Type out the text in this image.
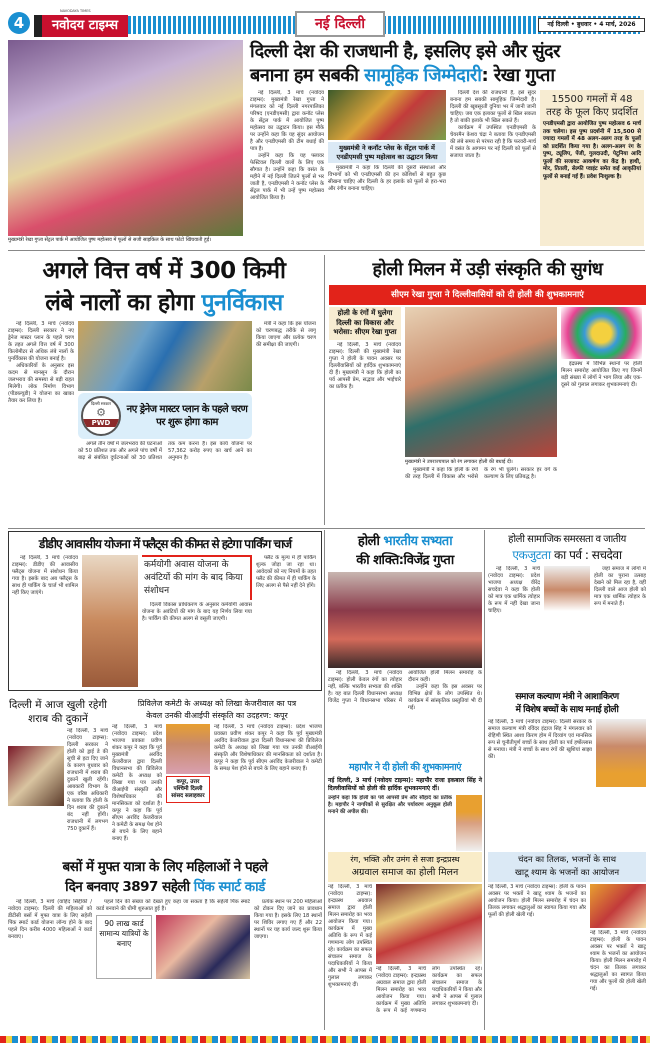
4
NAVODAYA TIMES
नवोदय टाइम्स	नई दिल्ली	नई दिल्ली • बुधवार • 4 मार्च, 2026
मुख्यमंत्री रेखा गुप्ता सेंट्रल पार्क में आयोजित पुष्प महोत्सव में फूलों से सजी साइकिल के साथ फोटो खिंचवाती हुईं।
दिल्ली देश की राजधानी है, इसलिए इसे और सुंदर
बनाना हम सबकी सामूहिक जिम्मेदारी: रेखा गुप्ता

नई दिल्ली, 3 मार्च (नवोदय टाइम्स): मुख्यमंत्री रेखा गुप्ता ने मंगलवार को नई दिल्ली नगरपालिका परिषद (एनडीएमसी) द्वारा कनॉट प्लेस के सेंट्रल पार्क में आयोजित पुष्प महोत्सव का उद्घाटन किया। इस मौके पर उन्होंने कहा कि यह सुंदर आयोजन है और एनडीएमसी की टीम बधाई की पात्र है।

उन्होंने कहा कि यह फ्लावर फेस्टिवल दिल्ली वालों के लिए एक सौगात है। उन्होंने कहा कि वसंत के महीने में नई दिल्ली जितने फूलों से भर जाती है, एनडीएमसी ने कनॉट प्लेस के सेंट्रल पार्क में भी उन्हें पुष्प महोत्सव आयोजित किया है।

मुख्यमंत्री ने कनॉट प्लेस के सेंट्रल पार्क में एनडीएमसी पुष्प महोत्सव का उद्घाटन किया

मुख्यमंत्री ने कहा कि दिल्ली की दूसरी संस्थाओं और विभागों को भी एनडीएमसी की इन कोशिशों से बहुत कुछ सीखना चाहिए और दिल्ली के हर इलाके को फूलों से हरा-भरा और रंगीन बनाना चाहिए।

दिल्ली देश की राजधानी है, इसे सुंदर बनाना हम सबकी सामूहिक जिम्मेदारी है। दिल्ली की खूबसूरती दुनिया भर में जानी जानी चाहिए। जब एक इलाका फूलों से खिल सकता है तो बाकी इलाके भी खिल सकते हैं।

कार्यक्रम में उपस्थित एनडीएमसी के चेयरमैन केशव चंद्रा ने बताया कि एनडीएमसी की लंबे समय से परंपरा रही है कि फरवरी-मार्च में वसंत के आगमन पर नई दिल्ली को फूलों से सजाया जाता है।

15500 गमलों में 48 तरह के फूल किए प्रदर्शित
एनडीएमसी द्वारा आयोजित पुष्प महोत्सव 6 मार्च तक चलेगा। इस पुष्प प्रदर्शनी में 15,500 से ज्यादा गमलों में 48 अलग-अलग तरह के फूलों को प्रदर्शित किया गया है। अलग-अलग रंग के पुष्प, ट्यूलिप, पेंजी, गुलदाउदी, पेटूनिया आदि फूलों की सजावट आकर्षण का केंद्र है। हाथी, मोर, तितली, सेल्फी प्वाइंट समेत कई आकृतियां फूलों से बनाई गई हैं। प्रवेश निःशुल्क है।
अगले वित्त वर्ष में 300 किमी
लंबे नालों का होगा पुनर्विकास

नई दिल्ली, 3 मार्च (नवोदय टाइम्स): दिल्ली सरकार ने नए ड्रेनेज मास्टर प्लान के पहले चरण के तहत अगले वित्त वर्ष में 300 किलोमीटर से अधिक लंबे नालों के पुनर्विकास की योजना बनाई है।

अधिकारियों के अनुसार इस कदम से मानसून के दौरान जलभराव की समस्या से बड़ी राहत मिलेगी। लोक निर्माण विभाग (पीडब्ल्यूडी) ने योजना का खाका तैयार कर लिया है।	दिल्ली सरकार
⚙
PWD
नए ड्रेनेज मास्टर प्लान के पहले चरण पर शुरू होगा काम

अगले तीन वर्षों में जलभराव की घटनाओं को 50 प्रतिशत तक और अगले पांच वर्षों में बाढ़ से संबंधित दुर्घटनाओं को 30 प्रतिशत तक कम करना है। इस कार्य योजना पर 57,362 करोड़ रुपए का खर्च आने का अनुमान है।

मंत्री ने कहा कि इस योजना को चरणबद्ध तरीके से लागू किया जाएगा और प्रत्येक चरण की समीक्षा की जाएगी।

होली मिलन में उड़ी संस्कृति की सुगंध
सीएम रेखा गुप्ता ने दिल्लीवासियों को दी होली की शुभकामनाएं
होली के रंगों में घुलेगा दिल्ली का विकास और भरोसा: सीएम रेखा गुप्ता

नई दिल्ली, 3 मार्च (नवोदय टाइम्स): दिल्ली की मुख्यमंत्री रेखा गुप्ता ने होली के पावन अवसर पर दिल्लीवासियों को हार्दिक शुभकामनाएं दी हैं। मुख्यमंत्री ने कहा कि होली का पर्व आपसी प्रेम, सद्भाव और भाईचारे का प्रतीक है।

मुख्यमंत्री ने उपराज्यपाल को रंग लगाकर होली की बधाई दी।

मुख्यमंत्री ने कहा कि होली के रंगों की तरह दिल्ली में विकास और भरोसे के रंग भी घुलेंगे। सरकार हर वर्ग के कल्याण के लिए प्रतिबद्ध है।

इंद्रप्रस्थ में विभिन्न स्थानों पर होली मिलन समारोह आयोजित किए गए जिनमें बड़ी संख्या में लोगों ने भाग लिया और एक-दूसरे को गुलाल लगाकर शुभकामनाएं दीं।

डीडीए आवासीय योजना में फ्लैट्स की कीमत से हटेगा पार्किंग चार्ज

नई दिल्ली, 3 मार्च (नवोदय टाइम्स): डीडीए की आवासीय फ्लैट्स योजना में संशोधन किया गया है। इसके बाद अब फ्लैट्स के साथ ही पार्किंग के चार्ज भी शामिल नहीं किए जाएंगे।

कर्मयोगी अवास योजना के अवंटियों की मांग के बाद किया संशोधन

दिल्ली विकास प्राधिकरण के अनुसार कर्मयोगी आवास योजना के अवंटियों की मांग के बाद यह निर्णय लिया गया है। पार्किंग की कीमत अलग से वसूली जाएगी।

फ्लैट के मूल्य में ही पार्किंग शुल्क जोड़ा जा रहा था। आवेदकों को नए नियमों के तहत फ्लैट की कीमत में ही पार्किंग के लिए अलग से पैसे नहीं देने होंगे।

होली भारतीय सभ्यता
की शक्ति:विजेंद्र गुप्ता

नई दिल्ली, 3 मार्च (नवोदय टाइम्स): होली केवल रंगों का त्योहार नहीं, बल्कि भारतीय सभ्यता की शक्ति है। यह बात दिल्ली विधानसभा अध्यक्ष विजेंद्र गुप्ता ने विधानसभा परिसर में आयोजित होली मिलन समारोह के दौरान कही।

उन्होंने कहा कि इस अवसर पर विभिन्न क्षेत्रों के लोग उपस्थित थे। कार्यक्रम में सांस्कृतिक प्रस्तुतियां भी दी गईं।

महापौर ने दी होली की शुभकामनाएं
नई दिल्ली, 3 मार्च (नवोदय टाइम्स): महापौर राजा इकबाल सिंह ने दिल्लीवासियों को होली की हार्दिक शुभकामनाएं दीं।
उन्होंने कहा कि होली का पर्व आपसी प्रेम और सौहार्द का प्रतीक है। महापौर ने नागरिकों से सुरक्षित और पर्यावरण अनुकूल होली मनाने की अपील की।
होली सामाजिक समरसता व जातीय
एकजुटता का पर्व : सचदेवा

नई दिल्ली, 3 मार्च (नवोदय टाइम्स): प्रदेश भाजपा अध्यक्ष वीरेंद्र सचदेवा ने कहा कि होली को मात्र एक धार्मिक त्योहार के रूप में नहीं देखा जाना चाहिए।

जहां समाज में लोगों में होली का पुराना उत्साह देखने को मिल रहा है, वहीं दिल्ली वाले आज होली को मात्र एक धार्मिक त्योहार के रूप में मनाते हैं।

समाज कल्याण मंत्री ने आशाकिरण
में विशेष बच्चों के साथ मनाई होली
नई दिल्ली, 3 मार्च (नवोदय टाइम्स): दिल्ली सरकार के समाज कल्याण मंत्री रविंदर इंद्राज सिंह ने मंगलवार को रोहिणी स्थित आशा किरण होम में दिव्यांग एवं मानसिक रूप से चुनौतीपूर्ण बच्चों के साथ होली का पर्व हर्षोल्लास से मनाया। मंत्री ने बच्चों के साथ रंगों की खुशियां साझा कीं।
दिल्ली में आज खुली रहेगी शराब की दुकानें
नई दिल्ली, 3 मार्च (नवोदय टाइम्स): दिल्ली सरकार ने होली को ड्राई डे की सूची से हटा दिए जाने के कारण बुधवार को राजधानी में शराब की दुकानें खुली रहेंगी। आबकारी विभाग के एक वरिष्ठ अधिकारी ने बताया कि होली के दिन शराब की दुकानें बंद नहीं होंगी। राजधानी में लगभग 750 दुकानें हैं।
प्रिविलेज कमेटी के अध्यक्ष को लिखा केजरीवाल का पत्र
केवल उनकी वीआईपी संस्कृति का उदहरण: कपूर
नई दिल्ली, 3 मार्च (नवोदय टाइम्स): प्रदेश भाजपा प्रवक्ता प्रवीण शंकर कपूर ने कहा कि पूर्व मुख्यमंत्री अरविंद केजरीवाल द्वारा दिल्ली विधानसभा की प्रिविलेज कमेटी के अध्यक्ष को लिखा गया पत्र उनकी वीआईपी संस्कृति और विशेषाधिकार की मानसिकता को दर्शाता है। कपूर ने कहा कि पूर्व सीएम अरविंद केजरीवाल ने कमेटी के समक्ष पेश होने से बचने के लिए बहाने बनाए हैं।
कपूर, उत्तर पश्चिमी दिल्ली सांसद सलाहकार
नई दिल्ली, 3 मार्च (नवोदय टाइम्स): प्रदेश भाजपा प्रवक्ता प्रवीण शंकर कपूर ने कहा कि पूर्व मुख्यमंत्री अरविंद केजरीवाल द्वारा दिल्ली विधानसभा की प्रिविलेज कमेटी के अध्यक्ष को लिखा गया पत्र उनकी वीआईपी संस्कृति और विशेषाधिकार की मानसिकता को दर्शाता है। कपूर ने कहा कि पूर्व सीएम अरविंद केजरीवाल ने कमेटी के समक्ष पेश होने से बचने के लिए बहाने बनाए हैं।
बसों में मुफ्त यात्रा के लिए महिलाओं ने पहले
दिन बनवाए 3897 सहेली पिंक स्मार्ट कार्ड

नई दिल्ली, 3 मार्च (वाहिद सिद्दीकी / नवोदय टाइम्स): दिल्ली की महिलाओं को डीटीसी बसों में मुफ्त यात्रा के लिए सहेली पिंक स्मार्ट कार्ड योजना लॉन्च होने के बाद पहले दिन करीब 4000 महिलाओं ने कार्ड बनवाए।

पहले दिन की संख्या को देखते हुए कहा जा सकता है कि सहेली पिंक स्मार्ट कार्ड बनवाने की धीमी शुरुआत हुई है।

90 लाख कार्ड सामान्य यात्रियों के बनाए

प्रत्येक स्थान पर 200 महिलाओं को टोकन दिए जाने का प्रावधान किया गया है। इसके लिए 18 स्थानों पर शिविर लगाए गए हैं और 22 स्थानों पर यह कार्य जल्द शुरू किया जाएगा।

रंग, भक्ति और उमंग से सजा इन्द्रप्रस्थ
अग्रवाल समाज का होली मिलन
नई दिल्ली, 3 मार्च (नवोदय टाइम्स): इन्द्रप्रस्थ अग्रवाल समाज द्वारा होली मिलन समारोह का भव्य आयोजन किया गया। कार्यक्रम में मुख्य अतिथि के रूप में कई गणमान्य लोग उपस्थित रहे। कार्यक्रम का सफल संचालन समाज के पदाधिकारियों ने किया और सभी ने आपस में गुलाल लगाकर शुभकामनाएं दीं।
नई दिल्ली, 3 मार्च (नवोदय टाइम्स): इन्द्रप्रस्थ अग्रवाल समाज द्वारा होली मिलन समारोह का भव्य आयोजन किया गया। कार्यक्रम में मुख्य अतिथि के रूप में कई गणमान्य लोग उपस्थित रहे। कार्यक्रम का सफल संचालन समाज के पदाधिकारियों ने किया और सभी ने आपस में गुलाल लगाकर शुभकामनाएं दीं।
चंदन का तिलक, भजनों के साथ
खाटू श्याम के भजनों का आयोजन
नई दिल्ली, 3 मार्च (नवोदय टाइम्स): होली के पावन अवसर पर भक्तों ने खाटू श्याम के भजनों का आयोजन किया। होली मिलन समारोह में चंदन का तिलक लगाकर श्रद्धालुओं का स्वागत किया गया और फूलों की होली खेली गई।
नई दिल्ली, 3 मार्च (नवोदय टाइम्स): होली के पावन अवसर पर भक्तों ने खाटू श्याम के भजनों का आयोजन किया। होली मिलन समारोह में चंदन का तिलक लगाकर श्रद्धालुओं का स्वागत किया गया और फूलों की होली खेली गई।
